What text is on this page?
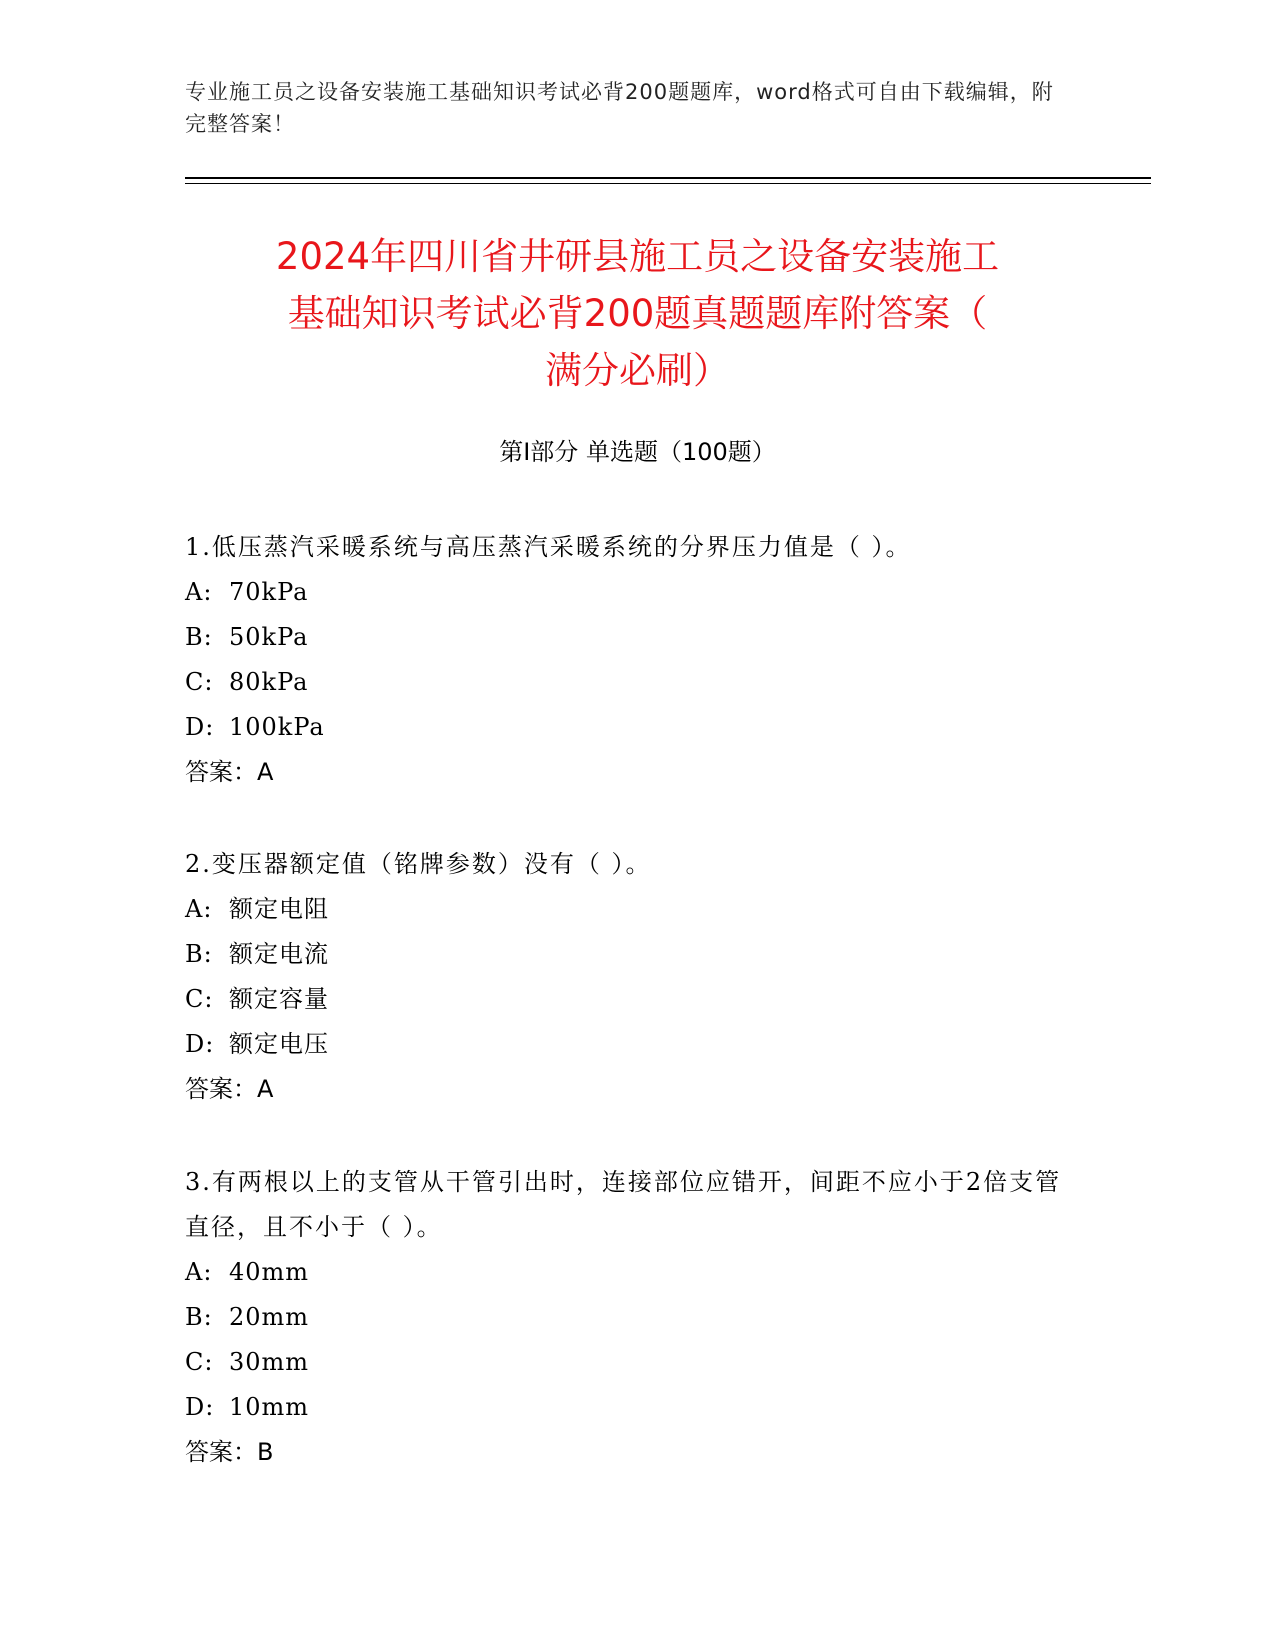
专业施工员之设备安装施工基础知识考试必背200题题库，word格式可自由下载编辑，附完整答案！
2024年四川省井研县施工员之设备安装施工
基础知识考试必背200题真题题库附答案（
满分必刷）
第Ⅰ部分 单选题（100题）

1.低压蒸汽采暖系统与高压蒸汽采暖系统的分界压力值是（ ）。

A: 70kPa

B: 50kPa

C: 80kPa

D: 100kPa

答案：A

2.变压器额定值（铭牌参数）没有（ ）。

A: 额定电阻

B: 额定电流

C: 额定容量

D: 额定电压

答案：A

3.有两根以上的支管从干管引出时，连接部位应错开，间距不应小于2倍支管直径，且不小于（ ）。

A: 40mm

B: 20mm

C: 30mm

D: 10mm

答案：B
